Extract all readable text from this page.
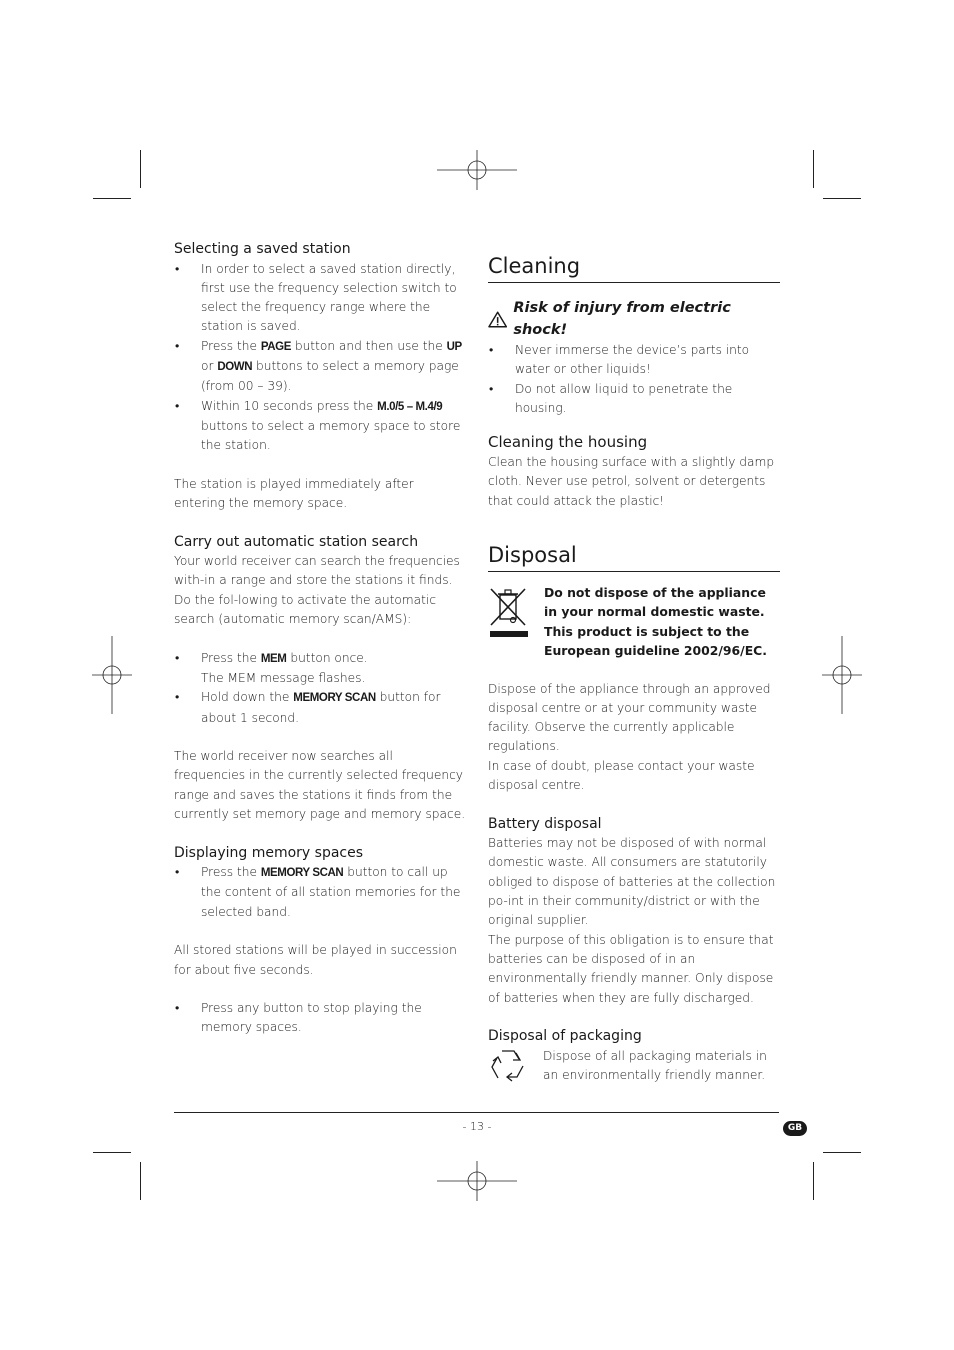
Selecting a saved station
• In order to select a saved station directly, first use the frequency selection switch to select the frequency range where the station is saved.
• Press the PAGE button and then use the UP or DOWN buttons to select a memory page (from 00 – 39).
• Within 10 seconds press the M.0/5 – M.4/9 buttons to select a memory space to store the station.

The station is played immediately after entering the memory space.

Carry out automatic station search

Your world receiver can search the frequencies with-in a range and store the stations it finds. Do the fol-lowing to activate the automatic search (automatic memory scan/AMS):

• Press the MEM button once.
The MEM message flashes.
• Hold down the MEMORY SCAN button for about 1 second.

The world receiver now searches all frequencies in the currently selected frequency range and saves the stations it finds from the currently set memory page and memory space.

Displaying memory spaces
• Press the MEMORY SCAN button to call up the content of all station memories for the selected band.

All stored stations will be played in succession for about five seconds.

• Press any button to stop playing the memory spaces.
Cleaning
Risk of injury from electric shock!
• Never immerse the device’s parts into water or other liquids!
• Do not allow liquid to penetrate the housing.
Cleaning the housing

Clean the housing surface with a slightly damp cloth. Never use petrol, solvent or detergents that could attack the plastic!

Disposal
Do not dispose of the appliance in your normal domestic waste. This product is subject to the European guideline 2002/96/EC.

Dispose of the appliance through an approved disposal centre or at your community waste facility. Observe the currently applicable regulations.

In case of doubt, please contact your waste disposal centre.

Battery disposal

Batteries may not be disposed of with normal domestic waste. All consumers are statutorily obliged to dispose of batteries at the collection po-int in their community/district or with the original supplier.

The purpose of this obligation is to ensure that batteries can be disposed of in an environmentally friendly manner. Only dispose of batteries when they are fully discharged.

Disposal of packaging

Dispose of all packaging materials in an environmentally friendly manner.

- 13 -	GB
